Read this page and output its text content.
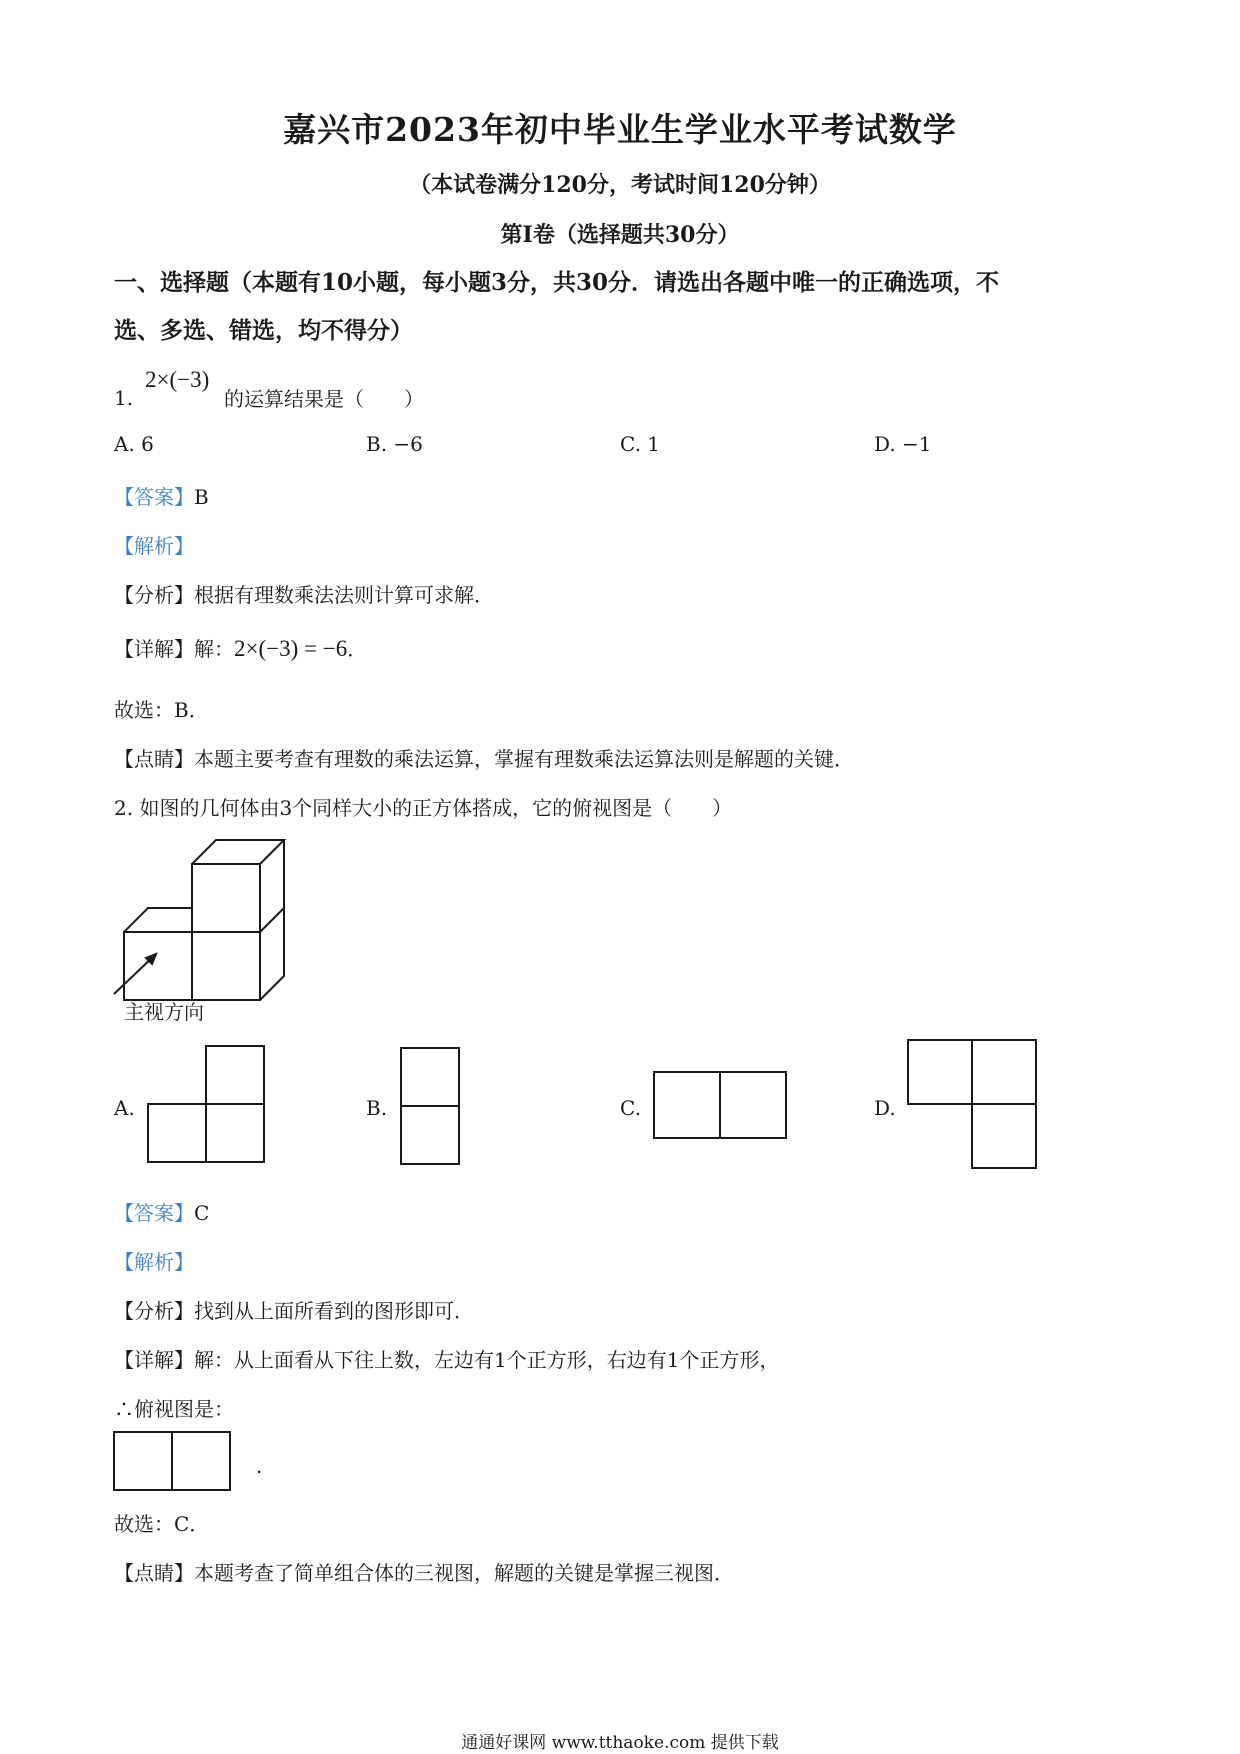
嘉兴市2023年初中毕业生学业水平考试数学
（本试卷满分120分，考试时间120分钟）
第I卷（选择题共30分）
一、选择题（本题有10小题，每小题3分，共30分．请选出各题中唯一的正确选项，不
选、多选、错选，均不得分）
1.
2×(−3)
的运算结果是（　　）
A. 6	B. −6	C. 1	D. −1
【答案】B
【解析】
【分析】根据有理数乘法法则计算可求解．
【详解】解：2×(−3) = −6．
故选：B．
【点睛】本题主要考查有理数的乘法运算，掌握有理数乘法运算法则是解题的关键．
2. 如图的几何体由3个同样大小的正方体搭成，它的俯视图是（　　）
主视方向
A.	B.	C.	D.
【答案】C
【解析】
【分析】找到从上面所看到的图形即可．
【详解】解：从上面看从下往上数，左边有1个正方形，右边有1个正方形，
∴俯视图是：
.
故选：C．
【点睛】本题考查了简单组合体的三视图，解题的关键是掌握三视图．
通通好课网 www.tthaoke.com 提供下载
